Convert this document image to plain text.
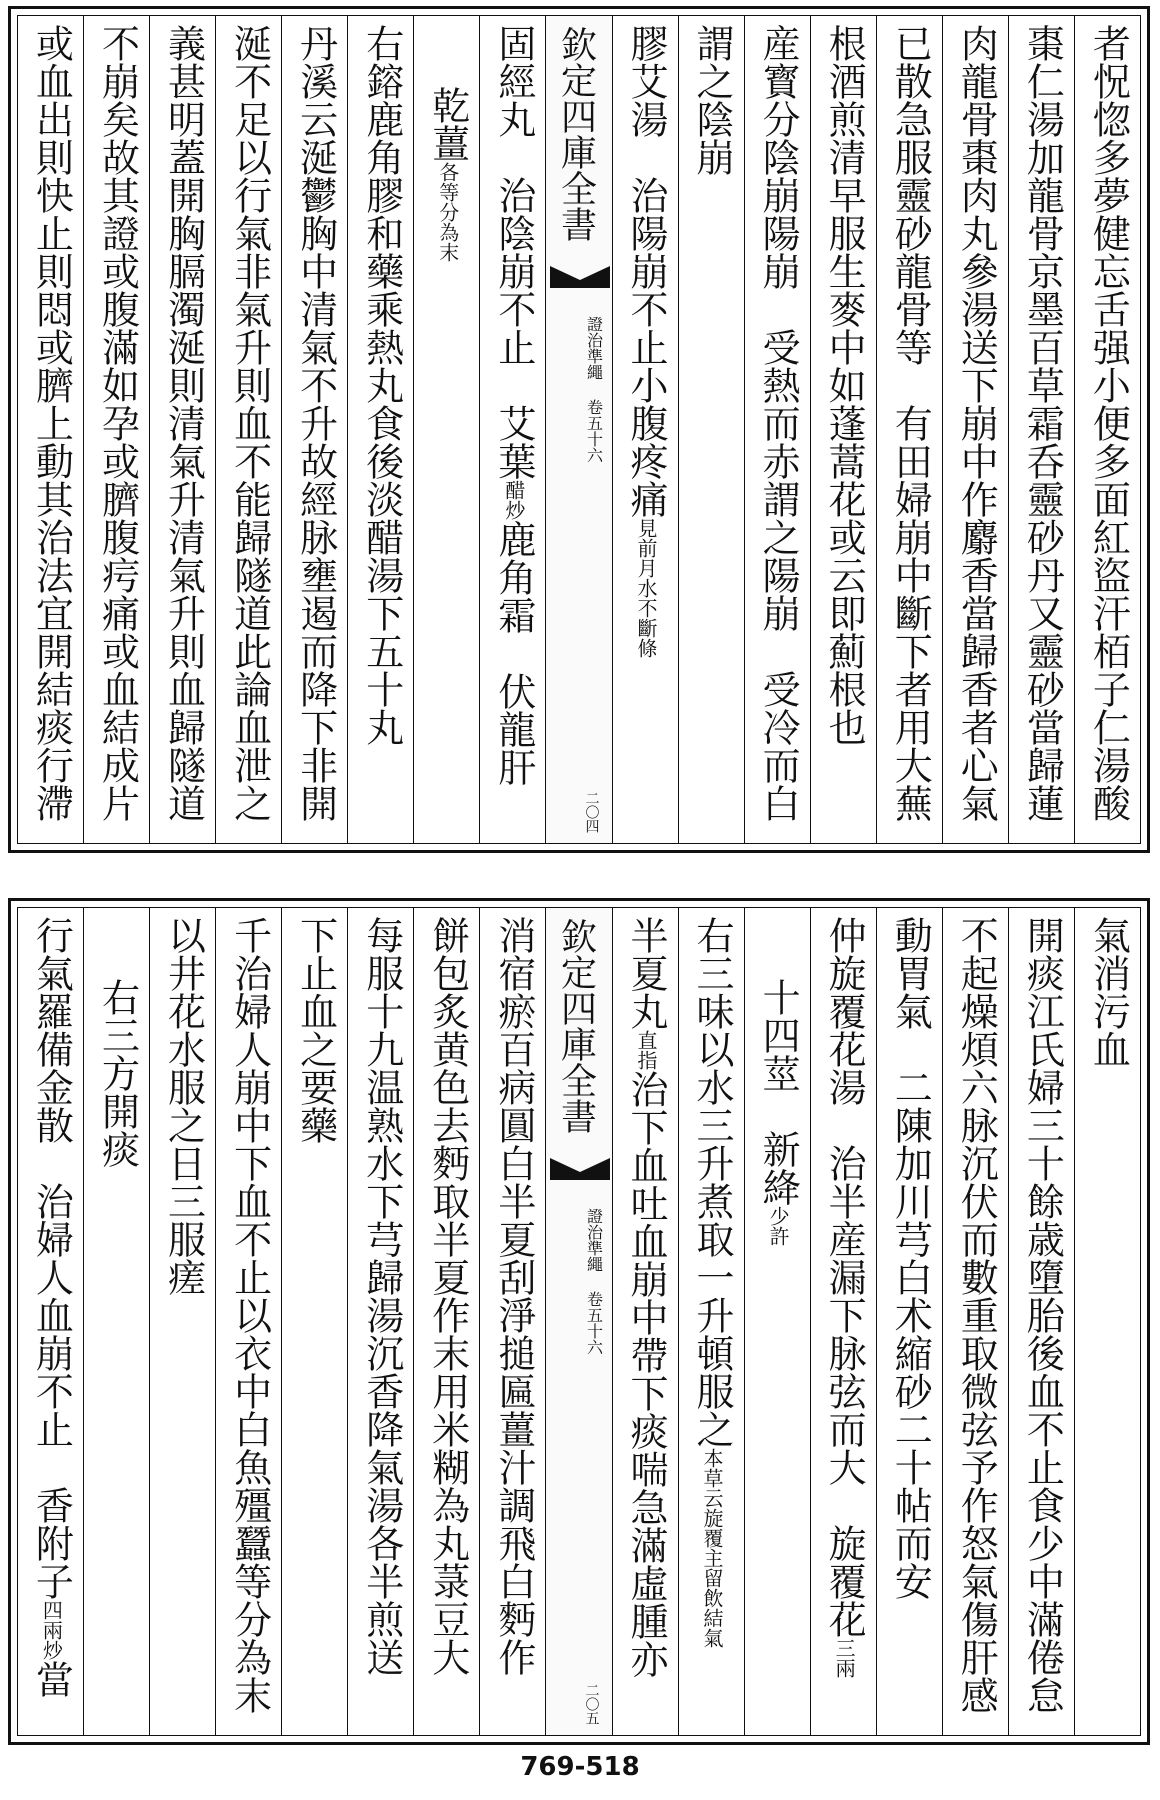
者怳惚多夢健忘舌强小便多面紅盜汗栢子仁湯酸
棗仁湯加龍骨京墨百草霜呑靈砂丹又靈砂當歸蓮
肉龍骨棗肉丸參湯送下崩中作麝香當歸香者心氣
已散急服靈砂龍骨等　有田婦崩中斷下者用大蕪
根酒煎清早服生麥中如蓬蒿花或云即薊根也
産寳分陰崩陽崩　受熱而赤謂之陽崩　受冷而白
謂之陰崩
膠艾湯　治陽崩不止小腹疼痛見前月水不斷條
欽定四庫全書
證治準繩 卷五十六
二〇四
固經丸　治陰崩不止　艾葉醋炒鹿角霜　伏龍肝
乾薑各等分為末
右鎔鹿角膠和藥乘熱丸食後淡醋湯下五十丸
丹溪云涎鬱胸中清氣不升故經脉壅遏而降下非開
涎不足以行氣非氣升則血不能歸隧道此論血泄之
義甚明蓋開胸膈濁涎則清氣升清氣升則血歸隧道
不崩矣故其證或腹滿如孕或臍腹疞痛或血結成片
或血出則快止則悶或臍上動其治法宜開結痰行滯
氣消污血
開痰江氏婦三十餘歳墮胎後血不止食少中滿倦怠
不起燥煩六脉沉伏而數重取微弦予作怒氣傷肝感
動胃氣　二陳加川芎白术縮砂二十帖而安
仲旋覆花湯　治半産漏下脉弦而大　旋覆花三兩
十四莖　新絳少許
右三味以水三升煮取一升頓服之本草云旋覆主留飲結氣
半夏丸直指治下血吐血崩中帶下痰喘急滿虛腫亦
欽定四庫全書
證治準繩 卷五十六
二〇五
消宿瘀百病圓白半夏刮淨搥匾薑汁調飛白麪作
餅包炙黄色去麪取半夏作末用米糊為丸菉豆大
每服十九温熟水下芎歸湯沉香降氣湯各半煎送
下止血之要藥
千治婦人崩中下血不止以衣中白魚殭蠶等分為末
以井花水服之日三服瘥
右三方開痰
行氣羅備金散　治婦人血崩不止　香附子四兩炒當
769-518
